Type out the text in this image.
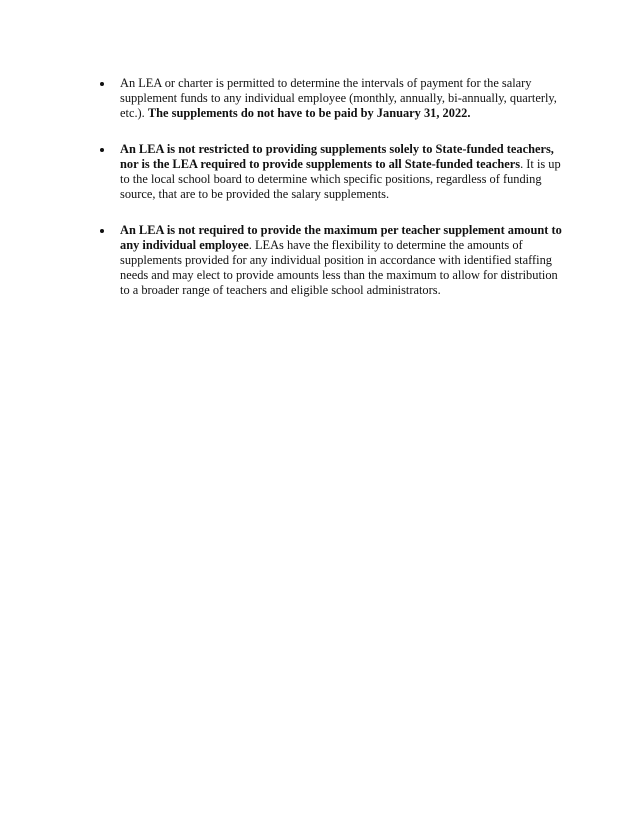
An LEA or charter is permitted to determine the intervals of payment for the salary supplement funds to any individual employee (monthly, annually, bi-annually, quarterly, etc.). The supplements do not have to be paid by January 31, 2022.
An LEA is not restricted to providing supplements solely to State-funded teachers, nor is the LEA required to provide supplements to all State-funded teachers. It is up to the local school board to determine which specific positions, regardless of funding source, that are to be provided the salary supplements.
An LEA is not required to provide the maximum per teacher supplement amount to any individual employee. LEAs have the flexibility to determine the amounts of supplements provided for any individual position in accordance with identified staffing needs and may elect to provide amounts less than the maximum to allow for distribution to a broader range of teachers and eligible school administrators.
